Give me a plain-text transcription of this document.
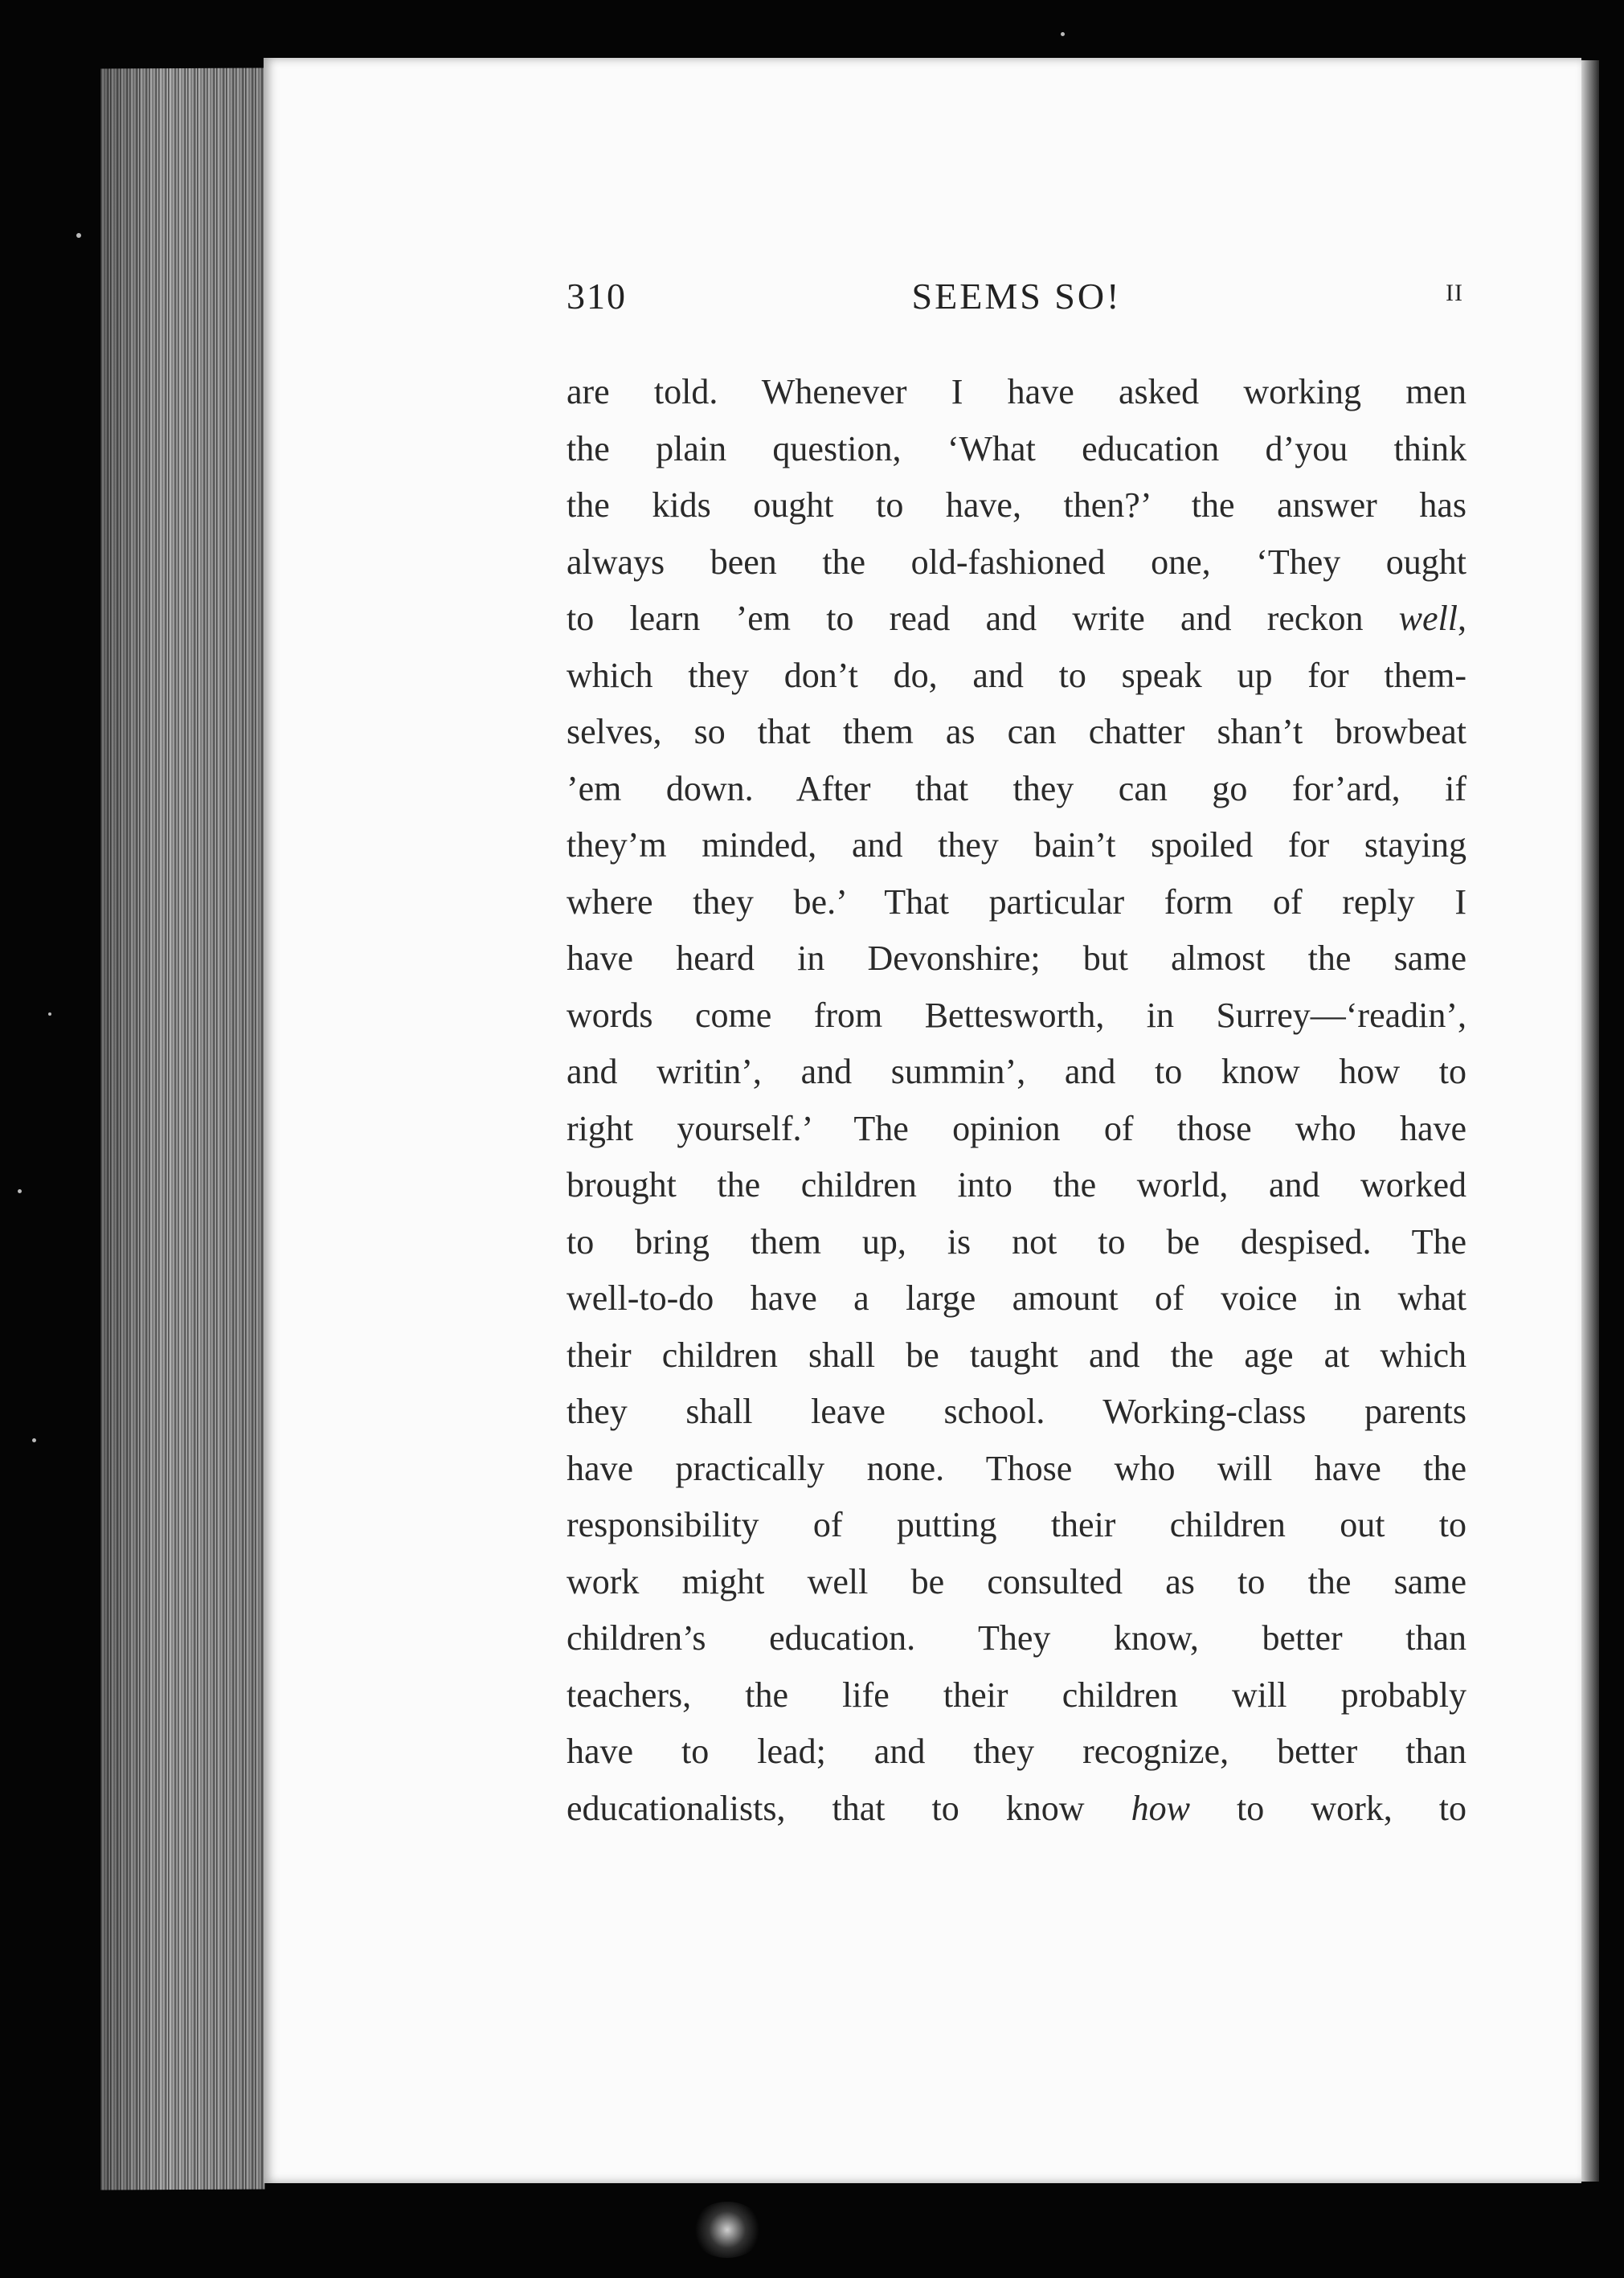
310	SEEMS SO!	II
are told. Whenever I have asked working men
the plain question, ‘What education d’you think
the kids ought to have, then?’ the answer has
always been the old-fashioned one, ‘They ought
to learn ’em to read and write and reckon well,
which they don’t do, and to speak up for them-
selves, so that them as can chatter shan’t browbeat
’em down. After that they can go for’ard, if
they’m minded, and they bain’t spoiled for staying
where they be.’ That particular form of reply I
have heard in Devonshire; but almost the same
words come from Bettesworth, in Surrey—‘readin’,
and writin’, and summin’, and to know how to
right yourself.’ The opinion of those who have
brought the children into the world, and worked
to bring them up, is not to be despised. The
well-to-do have a large amount of voice in what
their children shall be taught and the age at which
they shall leave school. Working-class parents
have practically none. Those who will have the
responsibility of putting their children out to
work might well be consulted as to the same
children’s education. They know, better than
teachers, the life their children will probably
have to lead; and they recognize, better than
educationalists, that to know how to work, to
